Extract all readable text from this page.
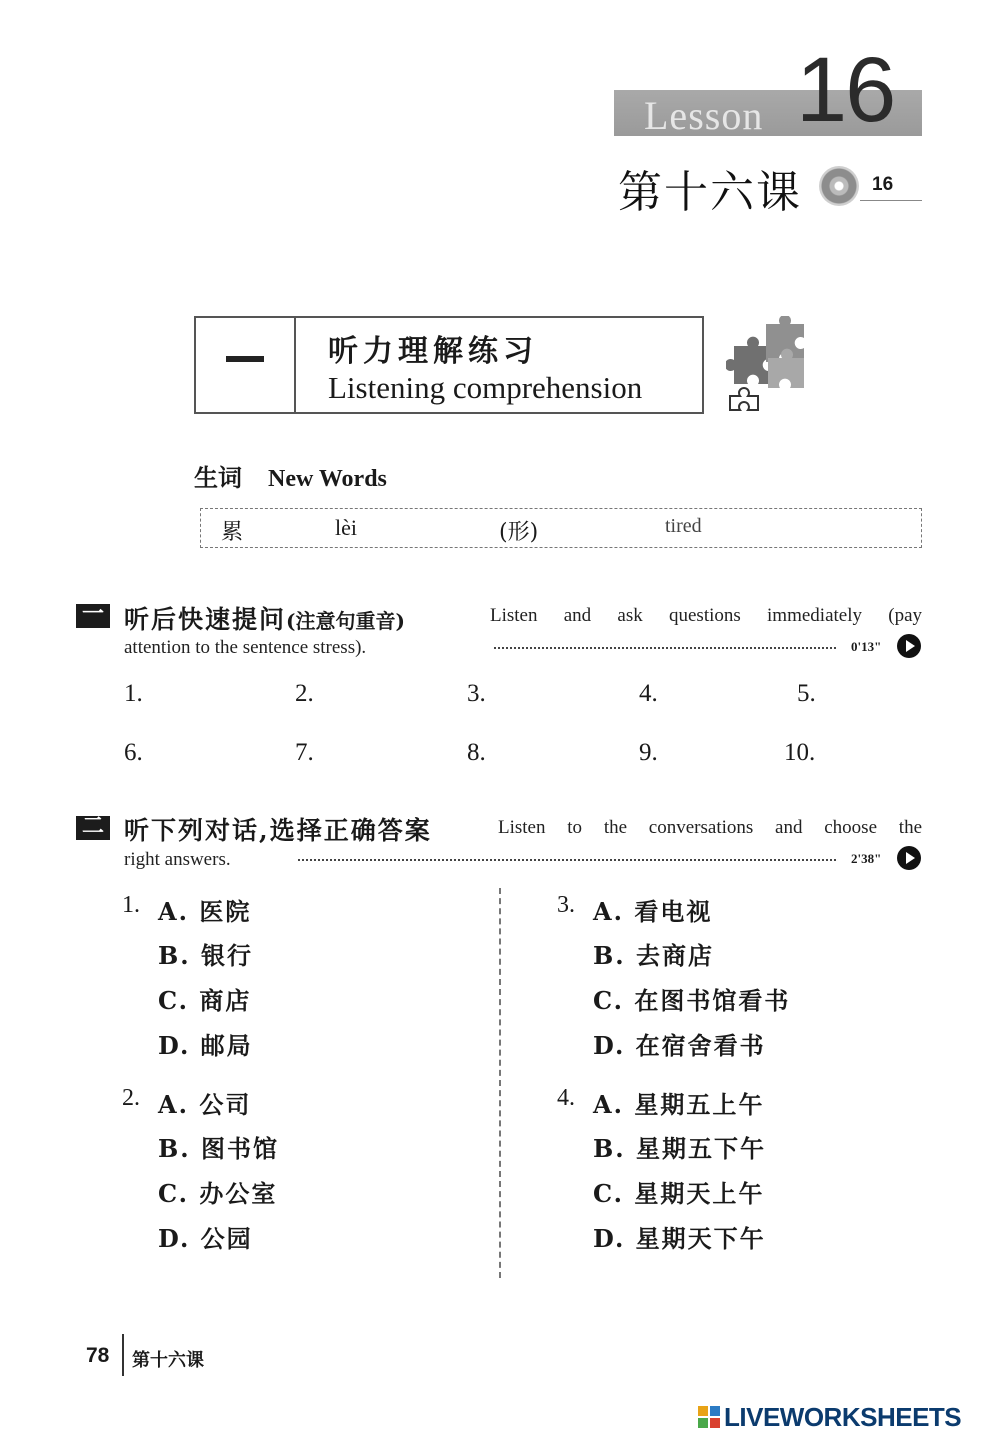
Lesson 16
第十六课	16
听力理解练习
Listening comprehension
生词 New Words
累	lèi	(形)	tired
一 听后快速提问(注意句重音)	Listen and ask questions immediately (pay
attention to the sentence stress).	0'13"
1.	2.	3.	4.	5.
6.	7.	8.	9.	10.
二 听下列对话,选择正确答案	Listen to the conversations and choose the
right answers.	2'38"
1. A. 医院
B. 银行
C. 商店
D. 邮局
2. A. 公司
B. 图书馆
C. 办公室
D. 公园
3. A. 看电视
B. 去商店
C. 在图书馆看书
D. 在宿舍看书
4. A. 星期五上午
B. 星期五下午
C. 星期天上午
D. 星期天下午
78 第十六课
LIVEWORKSHEETS
